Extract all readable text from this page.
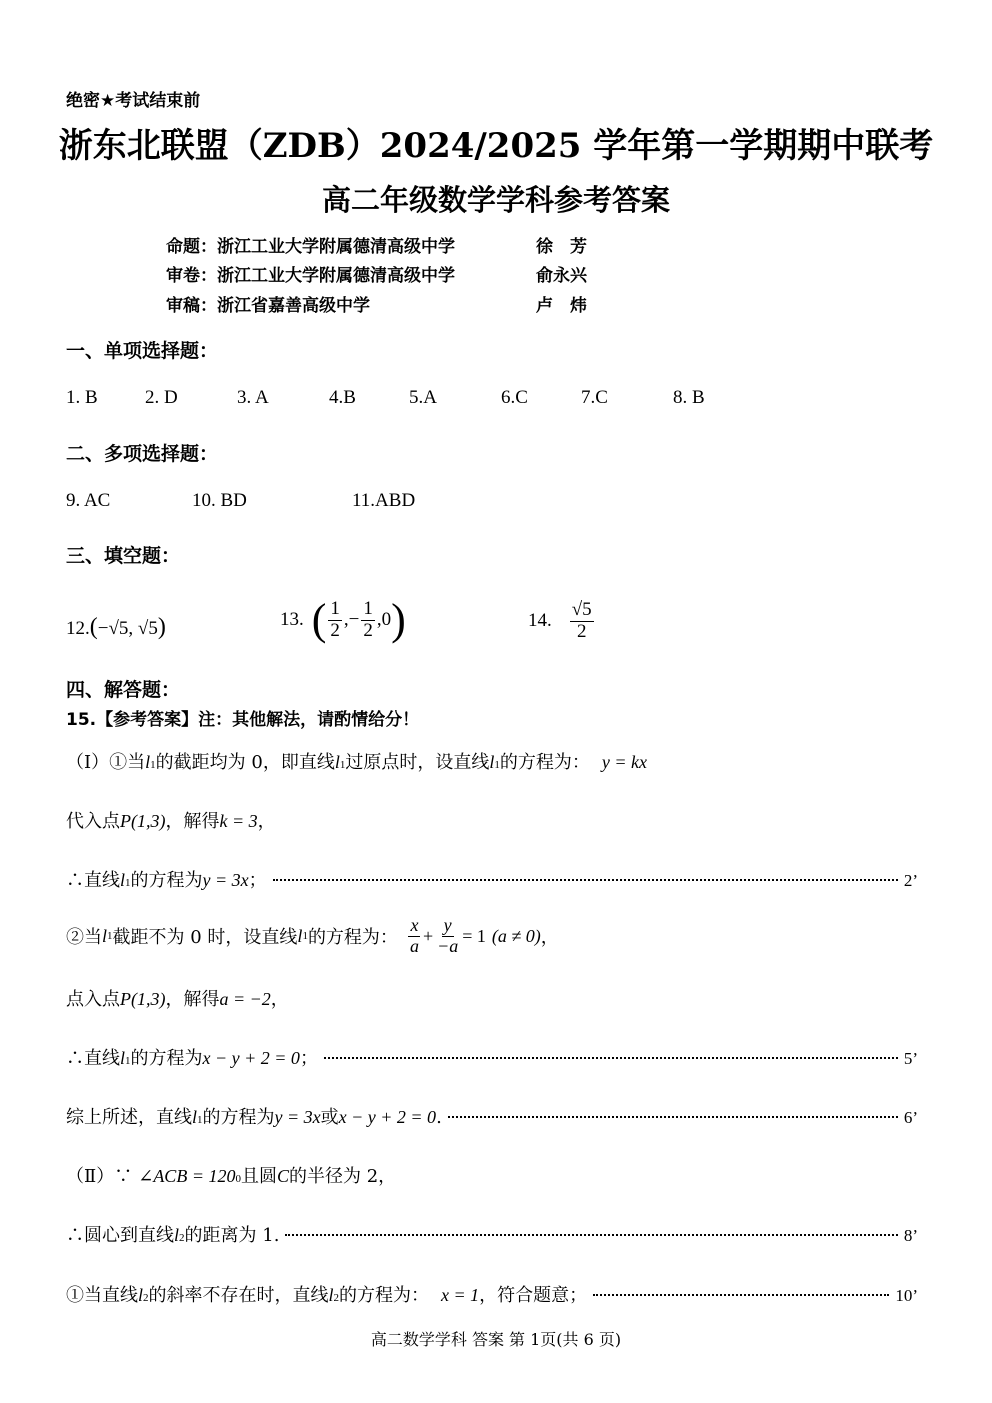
绝密★考试结束前
浙东北联盟（ZDB）2024/2025 学年第一学期期中联考
高二年级数学学科参考答案
命题：浙江工业大学附属德清高级中学	徐　芳
审卷：浙江工业大学附属德清高级中学	俞永兴
审稿：浙江省嘉善高级中学	卢　炜
一、单项选择题：
1. B 2. D	3. A	4.B	5.A	6.C	7.C	8. B
二、多项选择题：
9. AC	10. BD	11.ABD
三、填空题：
12.(−√5, √5)	13. ( $\frac{1}{2}$ ,− $\frac{1}{2}$ , 0 )	14. $\frac{√5}{2}$
四、解答题：
15.【参考答案】注：其他解法，请酌情给分！
（Ⅰ）①当 l 1 的截距均为 0，即直线 l 1 过原点时，设直线 l 1 的方程为： y = kx
代入点 P(1,3) ，解得 k = 3 ，
∴直线 l 1 的方程为 y = 3x ；	2’
②当 l 1 截距不为 0 时，设直线 l 1 的方程为： $\frac{x}{a} + \frac{y}{-a} = 1$ (a ≠ 0) ，
点入点 P(1,3) ，解得 a = −2 ，
∴直线 l 1 的方程为 x − y + 2 = 0 ；	5’
综上所述，直线 l 1 的方程为 y = 3x 或 x − y + 2 = 0 .	6’
（Ⅱ）∵ ∠ACB = 120 0 且圆 C 的半径为 2，
∴圆心到直线 l 2 的距离为 1.	8’
①当直线 l 2 的斜率不存在时，直线 l 2 的方程为： x = 1 ，符合题意；	10’
高二数学学科 答案 第 1页(共 6 页)
